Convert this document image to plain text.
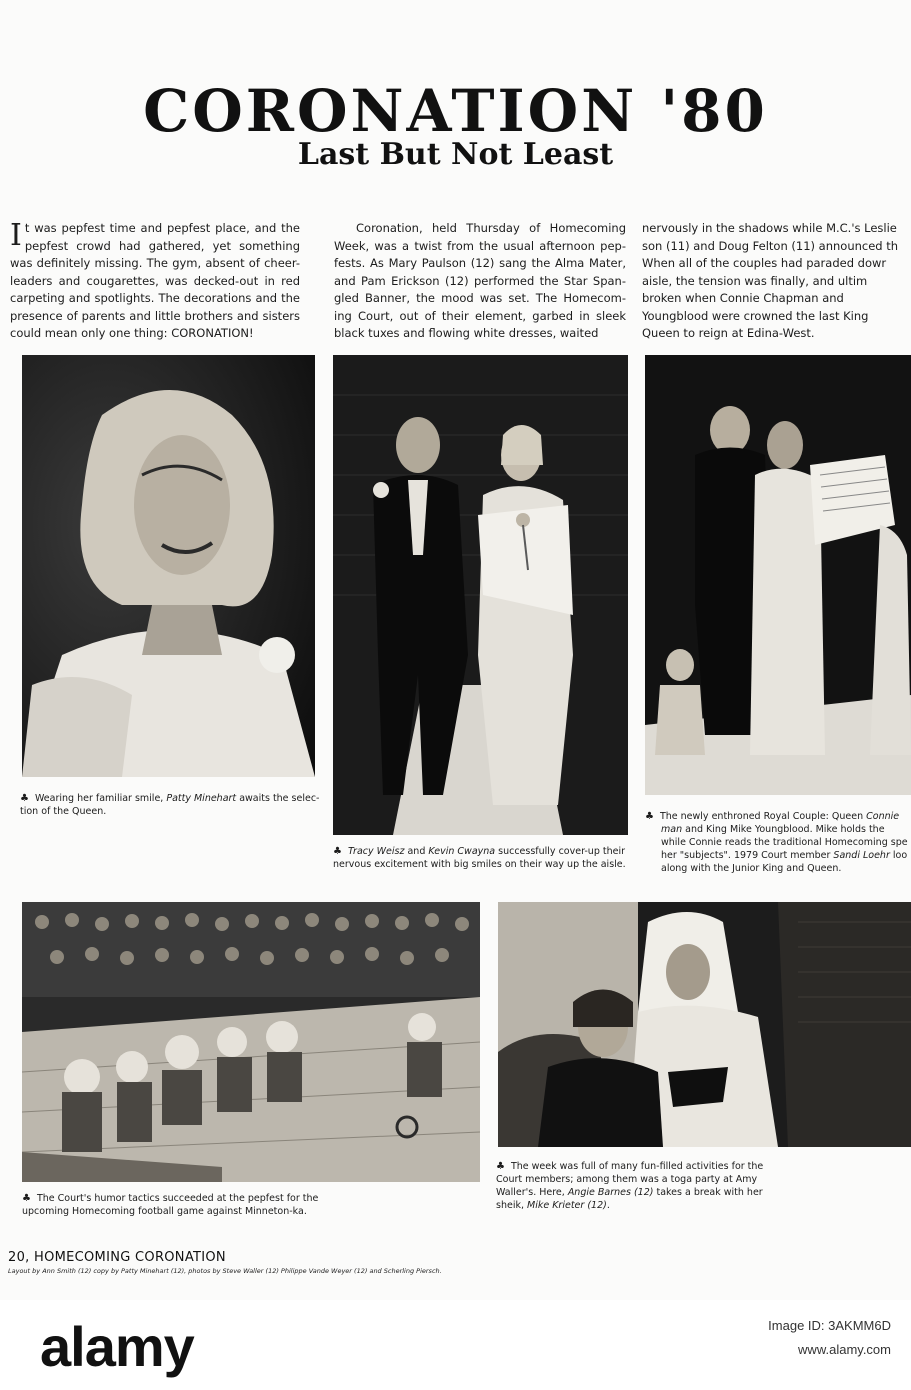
CORONATION '80
Last But Not Least
It was pepfest time and pepfest place, and the pepfest crowd had gathered, yet something was definitely missing. The gym, absent of cheer-leaders and cougarettes, was decked-out in red carpeting and spotlights. The decorations and the presence of parents and little brothers and sisters could mean only one thing: CORONATION!
Coronation, held Thursday of Homecoming Week, was a twist from the usual afternoon pep-fests. As Mary Paulson (12) sang the Alma Mater, and Pam Erickson (12) performed the Star Span-gled Banner, the mood was set. The Homecom-ing Court, out of their element, garbed in sleek black tuxes and flowing white dresses, waited

nervously in the shadows while M.C.'s Leslie

son (11) and Doug Felton (11) announced th

When all of the couples had paraded dowr

aisle, the tension was finally, and ultim

broken when Connie Chapman and

Youngblood were crowned the last King

Queen to reign at Edina-West.

♣ Wearing her familiar smile, Patty Minehart awaits the selec-tion of the Queen.
♣ Tracy Weisz and Kevin Cwayna successfully cover-up their nervous excitement with big smiles on their way up the aisle.
♣ The newly enthroned Royal Couple: Queen Connie
man and King Mike Youngblood. Mike holds the
while Connie reads the traditional Homecoming spe
her "subjects". 1979 Court member Sandi Loehr loo
along with the Junior King and Queen.
♣ The Court's humor tactics succeeded at the pepfest for the upcoming Homecoming football game against Minneton-ka.
♣ The week was full of many fun-filled activities for the Court members; among them was a toga party at Amy Waller's. Here, Angie Barnes (12) takes a break with her sheik, Mike Krieter (12).
20, HOMECOMING CORONATION
Layout by Ann Smith (12) copy by Patty Minehart (12), photos by Steve Waller (12) Philippe Vande Weyer (12) and Scherling Piersch.
alamy	Image ID: 3AKMM6D
www.alamy.com
